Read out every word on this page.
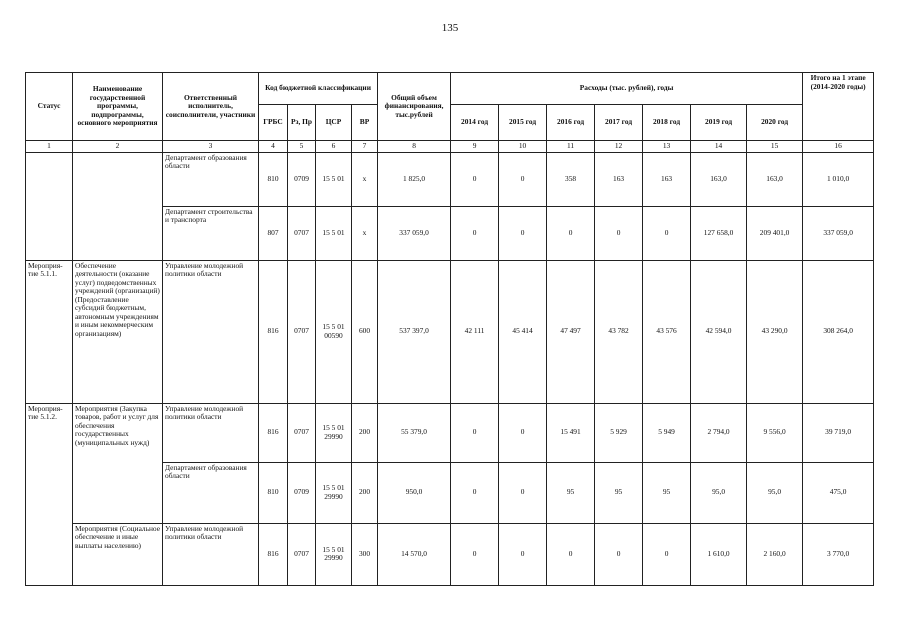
135
Статус	Наименование государственной программы, подпрограммы, основного мероприятия	Ответственный исполнитель, соисполнители, участники	Код бюджетной классификации				Общий объем финансирования, тыс.рублей	Расходы (тыс. рублей), годы							Итого на 1 этапе (2014-2020 годы)
			ГРБС	Рз, Пр	ЦСР	ВР		2014 год	2015 год	2016 год	2017 год	2018 год	2019 год	2020 год	
1	2	3	4	5	6	7	8	9	10	11	12	13	14	15	16
		Департамент образования области	810	0709	15 5 01	х	1 825,0	0	0	358	163	163	163,0	163,0	1 010,0
		Департамент строительства и транспорта	807	0707	15 5 01	х	337 059,0	0	0	0	0	0	127 658,0	209 401,0	337 059,0
Мероприя-тие 5.1.1.	Обеспечение деятельности (оказание услуг) подведомственных учреждений (организаций) (Предоставление субсидий бюджетным, автономным учреждениям и иным некоммерческим организациям)	Управление молодежной политики области	816	0707	15 5 01 00590	600	537 397,0	42 111	45 414	47 497	43 782	43 576	42 594,0	43 290,0	308 264,0
Мероприя-тие 5.1.2.	Мероприятия (Закупка товаров, работ и услуг для обеспечения государственных (муниципальных нужд)	Управление молодежной политики области	816	0707	15 5 01 29990	200	55 379,0	0	0	15 491	5 929	5 949	2 794,0	9 556,0	39 719,0
		Департамент образования области	810	0709	15 5 01 29990	200	950,0	0	0	95	95	95	95,0	95,0	475,0
	Мероприятия (Социальное обеспечение и иные выплаты населению)	Управление молодежной политики области	816	0707	15 5 01 29990	300	14 570,0	0	0	0	0	0	1 610,0	2 160,0	3 770,0
